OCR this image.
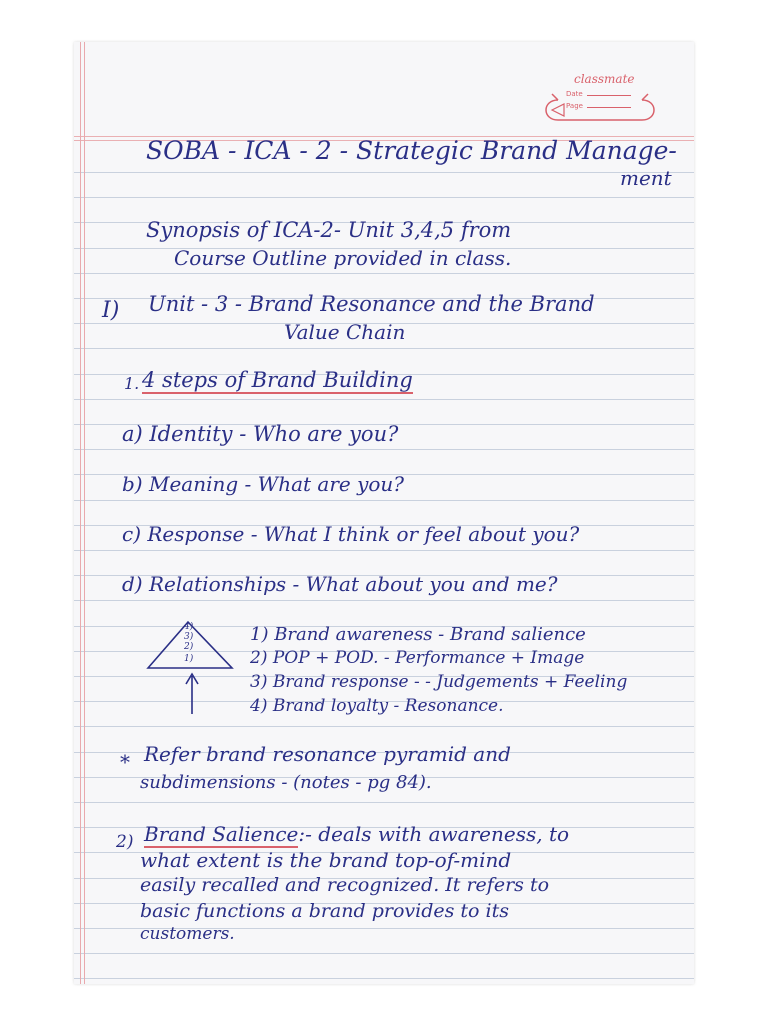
classmate
Date
Page

SOBA - ICA - 2 - Strategic Brand Manage-
ment
Synopsis of ICA-2- Unit 3,4,5 from
Course Outline provided in class.
I) Unit - 3 - Brand Resonance and the Brand
Value Chain
1. 4 steps of Brand Building
a) Identity - Who are you?
b) Meaning - What are you?
c) Response - What I think or feel about you?
d) Relationships - What about you and me?
4)
3)
2)
1)
1) Brand awareness - Brand salience
2) POP + POD. - Performance + Image
3) Brand response - - Judgements + Feeling
4) Brand loyalty - Resonance.
* Refer brand resonance pyramid and
subdimensions - (notes - pg 84).
2) Brand Salience:- deals with awareness, to
what extent is the brand top-of-mind
easily recalled and recognized. It refers to
basic functions a brand provides to its
customers.
